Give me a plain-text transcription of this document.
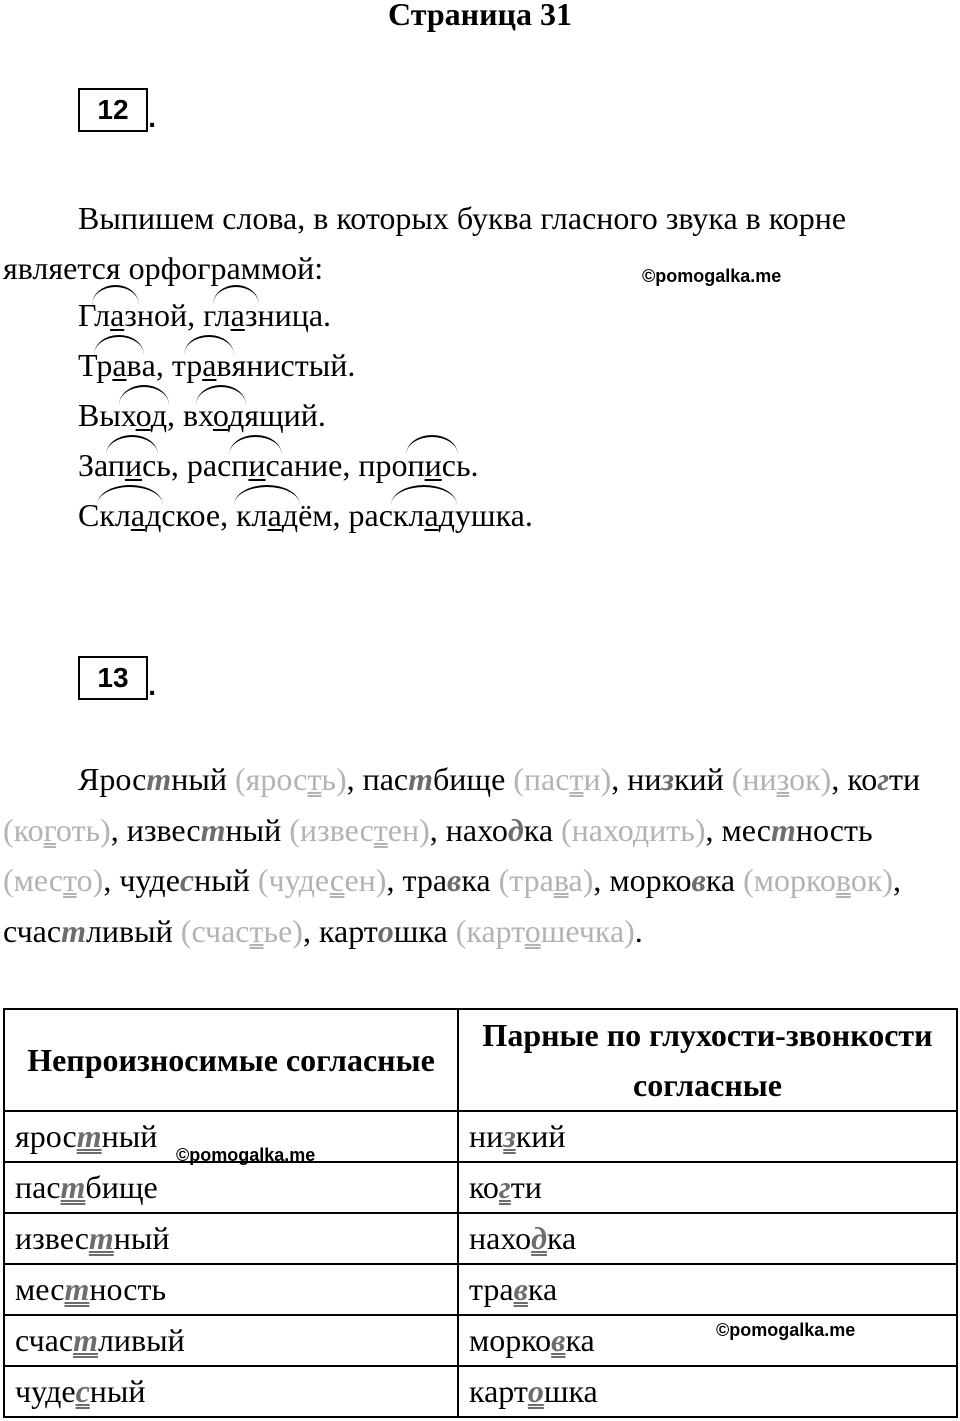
Страница 31
12 .

Выпишем слова, в которых буква гласного звука в корне является орфограммой:	©pomogalka.me
Глаз
ной, глаз
ница.
Трав
а, трав
янистый.
Выход
, вход
ящий.
Запис
ь, распис
ание, пропис
ь.
Склад
ское, клад
ём, расклад
ушка.
13 .

Яростный (ярость), пастбище (пасти), низкий (низок), когти (коготь), известный (известен), находка (находить), местность (место), чудесный (чудесен), травка (трава), морковка (морковок), счастливый (счастье), картошка (картошечка).

Непроизносимые согласные	Парные по глухости-звонкости согласные
яростный	низкий
пастбище	когти
известный	находка
местность	травка
счастливый	морковка
чудесный	картошка
©pomogalka.me
©pomogalka.me
